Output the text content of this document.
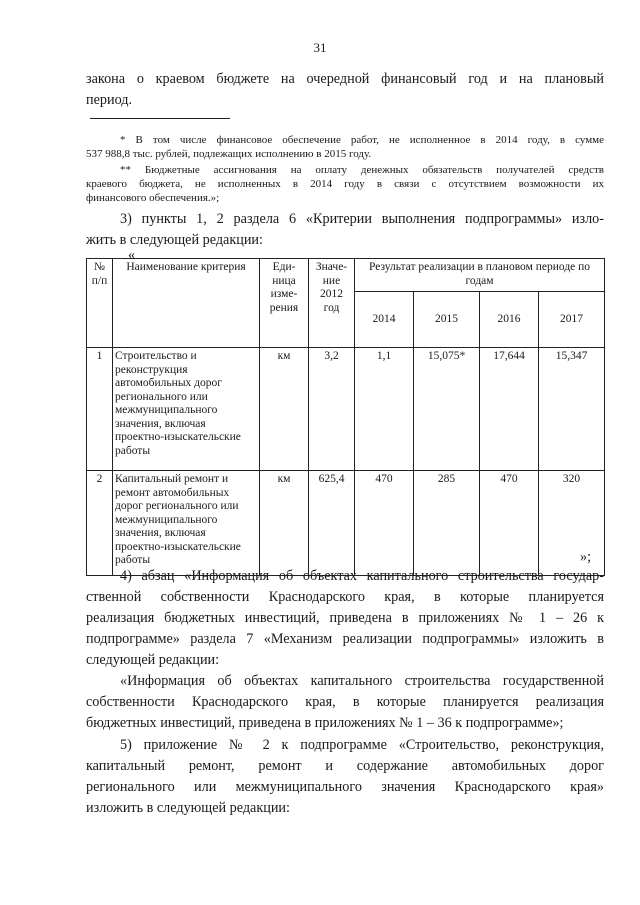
31
закона о краевом бюджете на очередной финансовый год и на плановый
период.
* В том числе финансовое обеспечение работ, не исполненное в 2014 году, в сумме
537 988,8 тыс. рублей, подлежащих исполнению в 2015 году.
** Бюджетные ассигнования на оплату денежных обязательств получателей средств
краевого бюджета, не исполненных в 2014 году в связи с отсутствием возможности их
финансового обеспечения.»;
3) пункты 1, 2 раздела 6 «Критерии выполнения подпрограммы» изло-
жить в следующей редакции:
«
№ п/п	Наименование критерия	Еди-ница изме-рения	Значе-ние 2012 год	Результат реализации в плановом периоде по годам			
				2014	2015	2016	2017
1	Строительство и реконструкция автомобильных дорог регионального или межмуниципального значения, включая проектно-изыскательские работы	км	3,2	1,1	15,075*	17,644	15,347
2	Капитальный ремонт и ремонт автомобильных дорог регионального или межмуниципального значения, включая проектно-изыскательские работы	км	625,4	470	285	470	320
»;
4) абзац «Информация об объектах капитального строительства государ-
ственной собственности Краснодарского края, в которые планируется
реализация бюджетных инвестиций, приведена в приложениях № 1 – 26 к
подпрограмме» раздела 7 «Механизм реализации подпрограммы» изложить в
следующей редакции:
«Информация об объектах капитального строительства государственной
собственности Краснодарского края, в которые планируется реализация
бюджетных инвестиций, приведена в приложениях № 1 – 36 к подпрограмме»;
5) приложение № 2 к подпрограмме «Строительство, реконструкция,
капитальный ремонт, ремонт и содержание автомобильных дорог
регионального или межмуниципального значения Краснодарского края»
изложить в следующей редакции:
